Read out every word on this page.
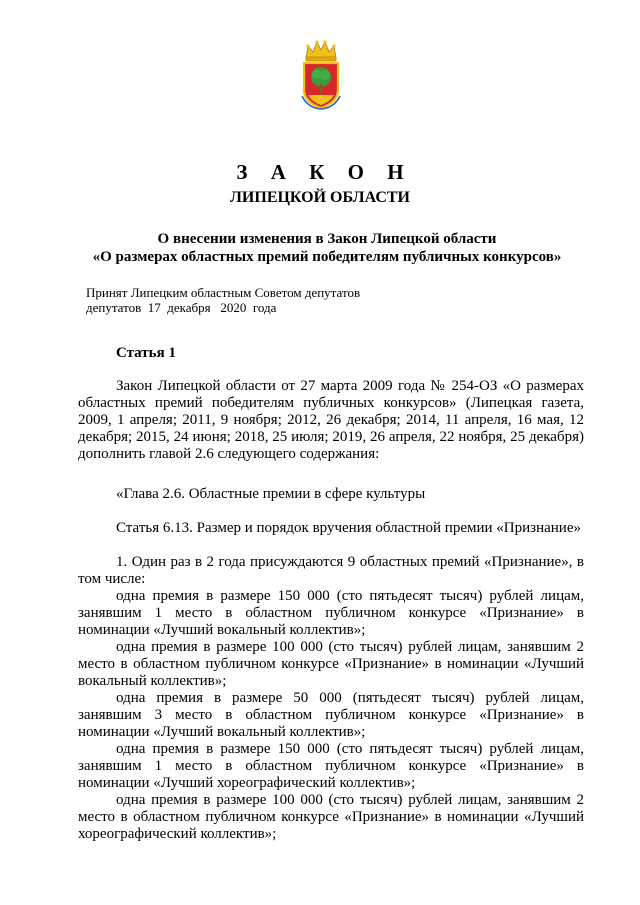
З А К О Н
ЛИПЕЦКОЙ ОБЛАСТИ
О внесении изменения в Закон Липецкой области
«О размерах областных премий победителям публичных конкурсов»
Принят Липецким областным Советом депутатов
депутатов  17  декабря   2020  года
Статья 1

Закон Липецкой области от 27 марта 2009 года № 254-ОЗ «О размерах областных премий победителям публичных конкурсов» (Липецкая газета, 2009, 1 апреля; 2011, 9 ноября; 2012, 26 декабря; 2014, 11 апреля, 16 мая, 12 декабря; 2015, 24 июня; 2018, 25 июля; 2019, 26 апреля, 22 ноября, 25 декабря) дополнить главой 2.6 следующего содержания:

«Глава 2.6. Областные премии в сфере культуры

Статья 6.13. Размер и порядок вручения областной премии «Признание»

1. Один раз в 2 года присуждаются 9 областных премий «Признание», в том числе:

одна премия в размере 150 000 (сто пятьдесят тысяч) рублей лицам, занявшим 1 место в областном публичном конкурсе «Признание» в номинации «Лучший вокальный коллектив»;

одна премия в размере 100 000 (сто тысяч) рублей лицам, занявшим 2 место в областном публичном конкурсе «Признание» в номинации «Лучший вокальный коллектив»;

одна премия в размере 50 000 (пятьдесят тысяч) рублей лицам, занявшим 3 место в областном публичном конкурсе «Признание» в номинации «Лучший вокальный коллектив»;

одна премия в размере 150 000 (сто пятьдесят тысяч) рублей лицам, занявшим 1 место в областном публичном конкурсе «Признание» в номинации «Лучший хореографический коллектив»;

одна премия в размере 100 000 (сто тысяч) рублей лицам, занявшим 2 место в областном публичном конкурсе «Признание» в номинации «Лучший хореографический коллектив»;
